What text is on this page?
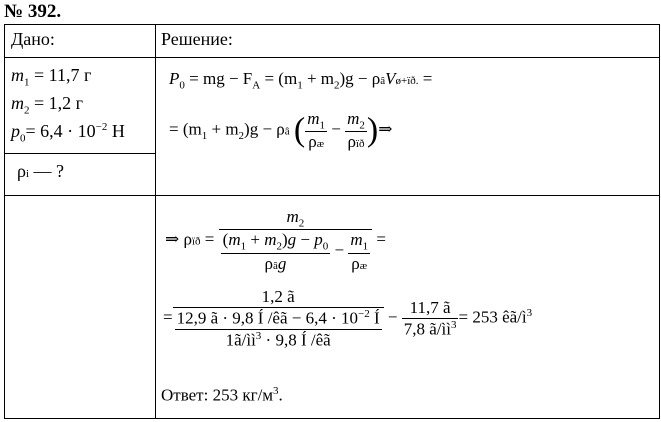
№ 392.
Дано:	Решение:
$m_1 = 11,7$ г
$m_2 = 1,2$ г
$p_0= 6,4 \cdot 10^{-2}$ Н
ρi — ?
$P_0$ = mg − $F_A = (m_1 + m_2)g$ − ρâVø+ïð. =
= $(m_1 + m_2)g$ − ρâ ( $\frac{m_1}{\rho æ} - \frac{m_2}{\text{ρïð}}$ )⇒
⇒ ρïð = $\frac{m_2}{\frac{(m_1 + m_2)g - p_0}{\text{ρâg}} - \frac{m_1}{\rho æ}}$ =
= $\frac{1,2 ã}{\frac{12,9 ã \cdot 9,8 Í /êã - 6,4 \cdot 10^{-2} Í}{1ã/ìì^3 \cdot 9,8 Í /êã}} - \frac{11,7 ã}{7,8 ã/ìì^3} = 253$ $êã/ì^3$
Ответ: 253 $кг/м^3$.
